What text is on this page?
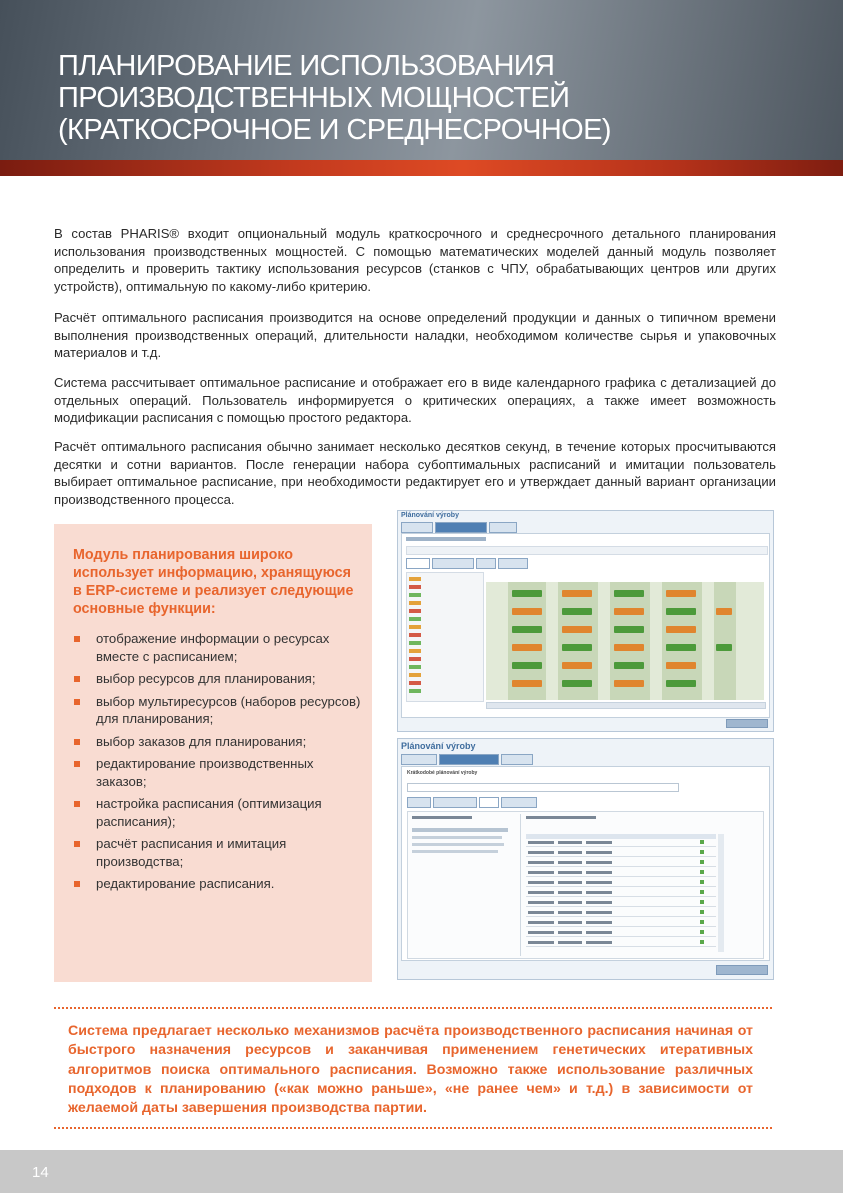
ПЛАНИРОВАНИЕ ИСПОЛЬЗОВАНИЯ ПРОИЗВОДСТВЕННЫХ МОЩНОСТЕЙ (КРАТКОСРОЧНОЕ И СРЕДНЕСРОЧНОЕ)

В состав PHARIS® входит опциональный модуль краткосрочного и среднесрочного детального планирования использования производственных мощностей. С помощью математических моделей данный модуль позволяет определить и проверить тактику использования ресурсов (станков с ЧПУ, обрабатывающих центров или других устройств), оптимальную по какому-либо критерию.

Расчёт оптимального расписания производится на основе определений продукции и данных о типичном времени выполнения производственных операций, длительности наладки, необходимом количестве сырья и упаковочных материалов и т.д.

Система рассчитывает оптимальное расписание и отображает его в виде календарного графика с детализацией до отдельных операций. Пользователь информируется о критических операциях, а также имеет возможность модификации расписания с помощью простого редактора.

Расчёт оптимального расписания обычно занимает несколько десятков секунд, в течение которых просчитываются десятки и сотни вариантов. После генерации набора субоптимальных расписаний и имитации пользователь выбирает оптимальное расписание, при необходимости редактирует его и утверждает данный вариант организации производственного процесса.

Модуль планирования широко использует информацию, хранящуюся в ERP-системе и реализует следующие основные функции:
отображение информации о ресурсах вместе с расписанием;
выбор ресурсов для планирования;
выбор мультиресурсов (наборов ресурсов) для планирования;
выбор заказов для планирования;
редактирование производственных заказов;
настройка расписания (оптимизация расписания);
расчёт расписания и имитация производства;
редактирование расписания.
Plánování výroby
Plánování výroby
Krátkodobé plánování výroby

Система предлагает несколько механизмов расчёта производственного расписания начиная от быстрого назначения ресурсов и заканчивая применением генетических итеративных алгоритмов поиска оптимального расписания. Возможно также использование различных подходов к планированию («как можно раньше», «не ранее чем» и т.д.) в зависимости от желаемой даты завершения производства партии.

14
